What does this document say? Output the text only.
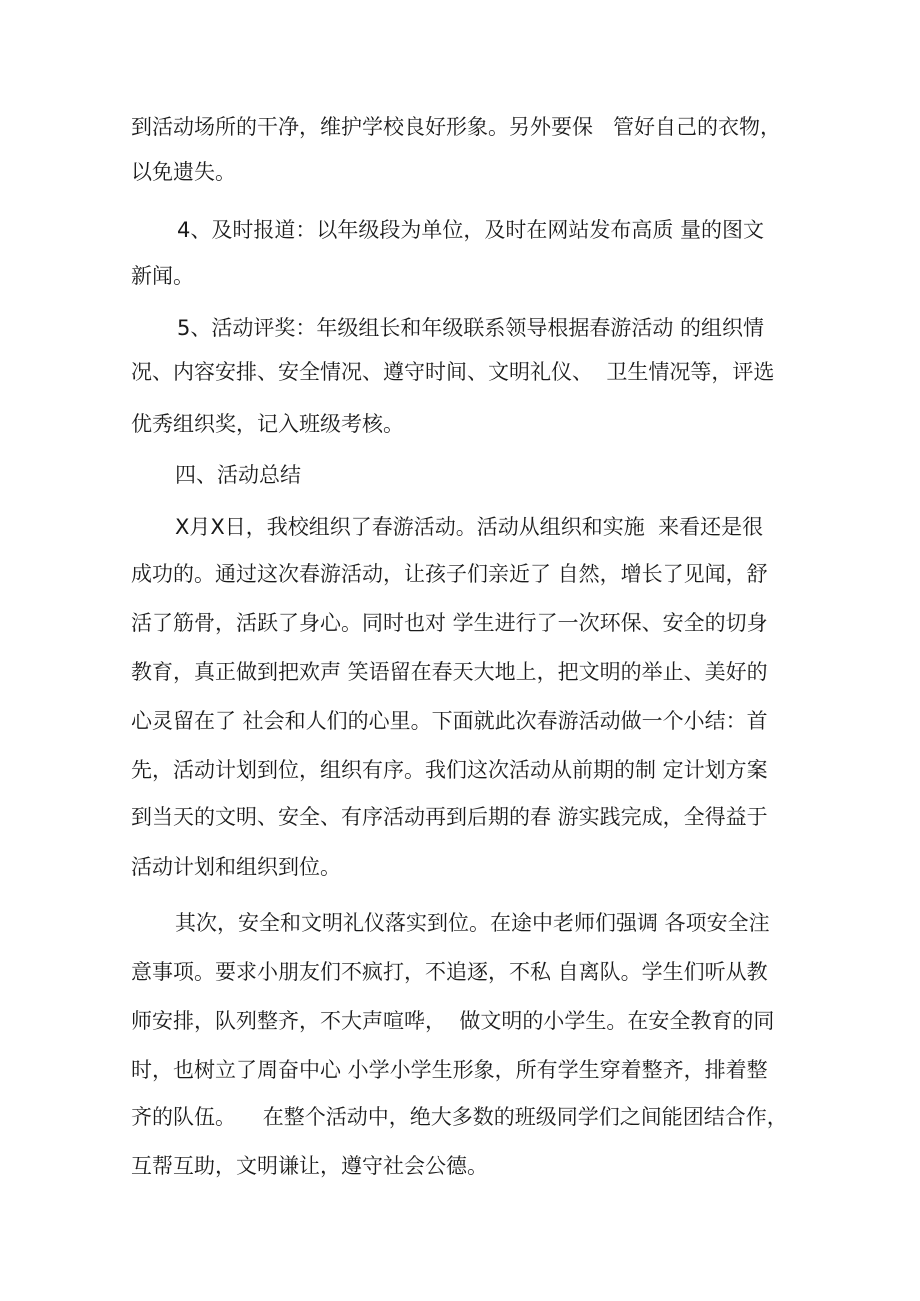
到活动场所的干净，维护学校良好形象。另外要保   管好自己的衣物，
以免遗失。
4、及时报道：以年级段为单位，及时在网站发布高质 量的图文
新闻。
5、活动评奖：年级组长和年级联系领导根据春游活动 的组织情
况、内容安排、安全情况、遵守时间、文明礼仪、  卫生情况等，评选
优秀组织奖，记入班级考核。
四、活动总结
X月X日，我校组织了春游活动。活动从组织和实施  来看还是很
成功的。通过这次春游活动，让孩子们亲近了 自然，增长了见闻，舒
活了筋骨，活跃了身心。同时也对 学生进行了一次环保、安全的切身
教育，真正做到把欢声 笑语留在春天大地上，把文明的举止、美好的
心灵留在了 社会和人们的心里。下面就此次春游活动做一个小结：首
先，活动计划到位，组织有序。我们这次活动从前期的制 定计划方案
到当天的文明、安全、有序活动再到后期的春 游实践完成，全得益于
活动计划和组织到位。
其次，安全和文明礼仪落实到位。在途中老师们强调 各项安全注
意事项。要求小朋友们不疯打，不追逐，不私 自离队。学生们听从教
师安排，队列整齐，不大声喧哗，  做文明的小学生。在安全教育的同
时，也树立了周奋中心 小学小学生形象，所有学生穿着整齐，排着整
齐的队伍。    在整个活动中，绝大多数的班级同学们之间能团结合作，
互帮互助，文明谦让，遵守社会公德。
